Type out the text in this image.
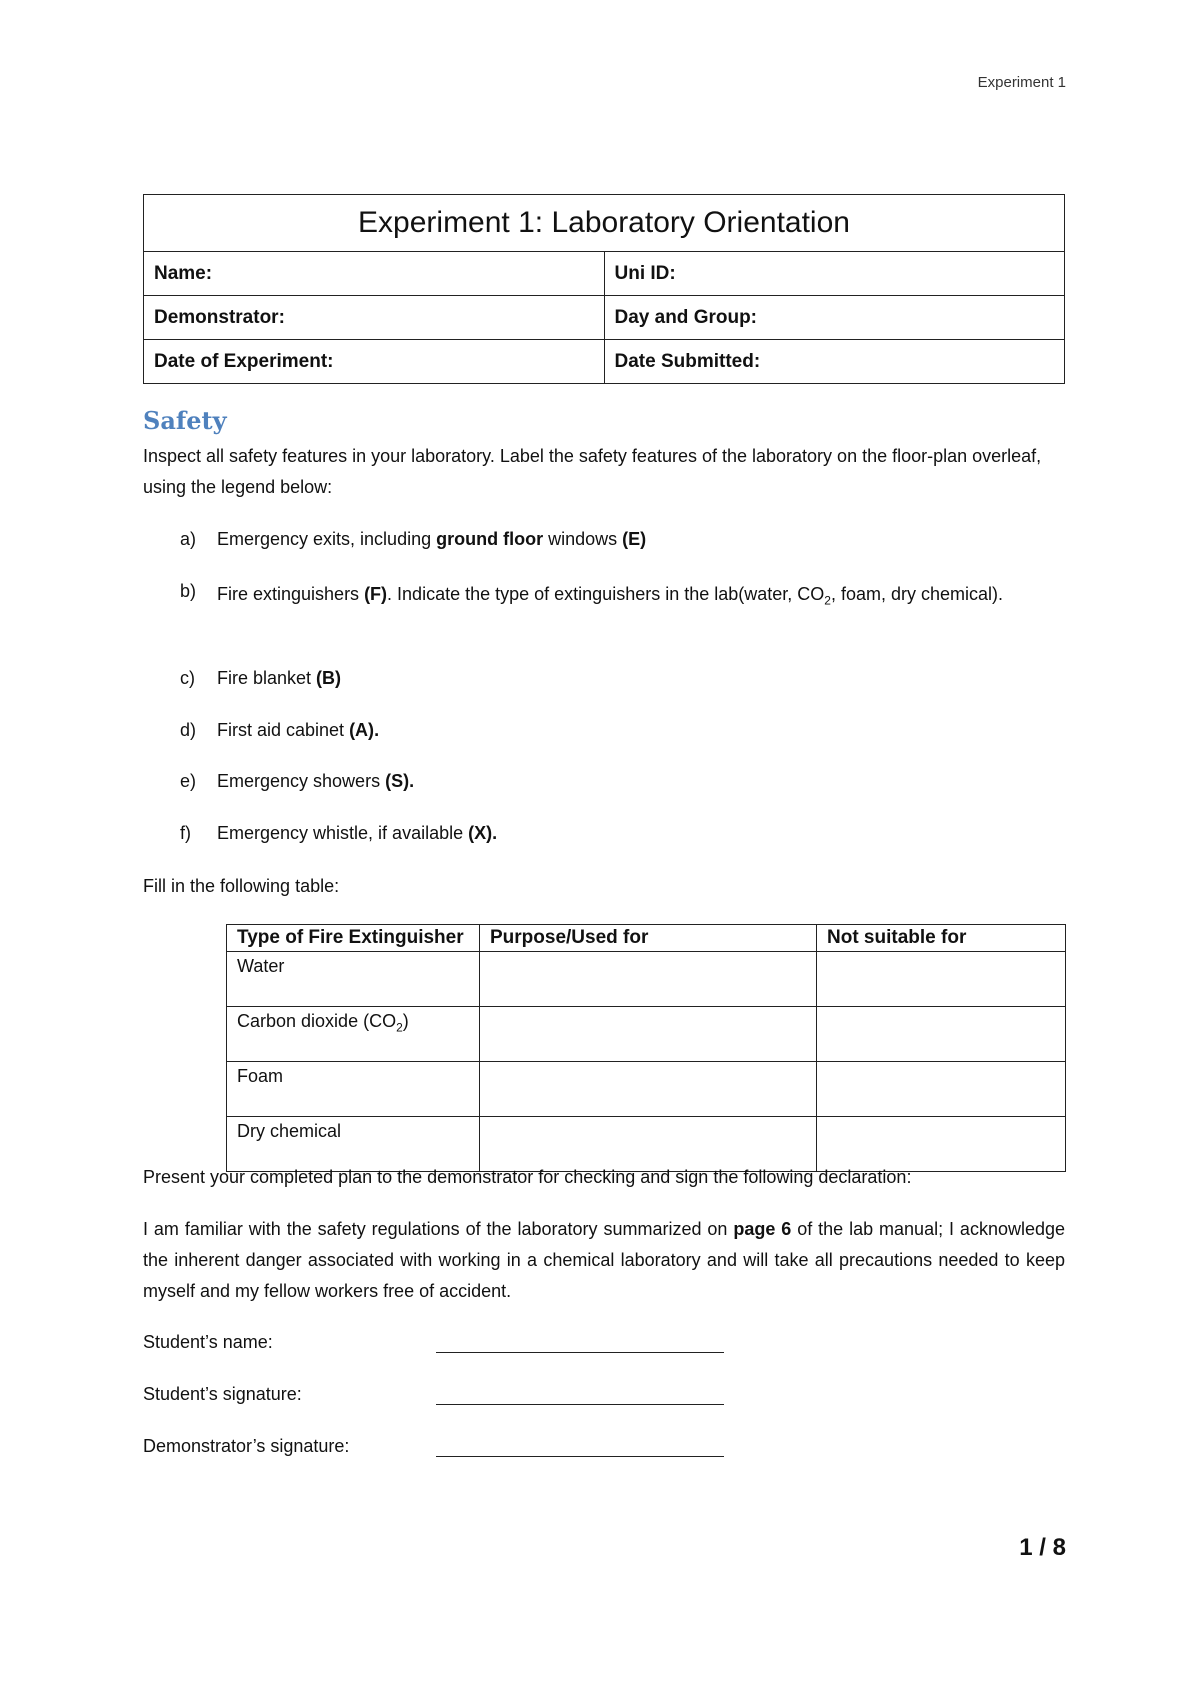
Experiment 1
Experiment 1: Laboratory Orientation	
Name:	Uni ID:
Demonstrator:	Day and Group:
Date of Experiment:	Date Submitted:
Safety
Inspect all safety features in your laboratory. Label the safety features of the laboratory on the floor-plan overleaf, using the legend below:
a) Emergency exits, including ground floor windows (E)
b) Fire extinguishers (F). Indicate the type of extinguishers in the lab(water, $CO_2$, foam, dry chemical).
c) Fire blanket (B)
d) First aid cabinet (A).
e) Emergency showers (S).
f) Emergency whistle, if available (X).
Fill in the following table:
Type of Fire Extinguisher	Purpose/Used for	Not suitable for
Water		
Carbon dioxide $(CO_2)$		
Foam		
Dry chemical		
Present your completed plan to the demonstrator for checking and sign the following declaration:
I am familiar with the safety regulations of the laboratory summarized on page 6 of the lab manual; I acknowledge the inherent danger associated with working in a chemical laboratory and will take all precautions needed to keep myself and my fellow workers free of accident.
Student’s name:
Student’s signature:
Demonstrator’s signature:
1 / 8
